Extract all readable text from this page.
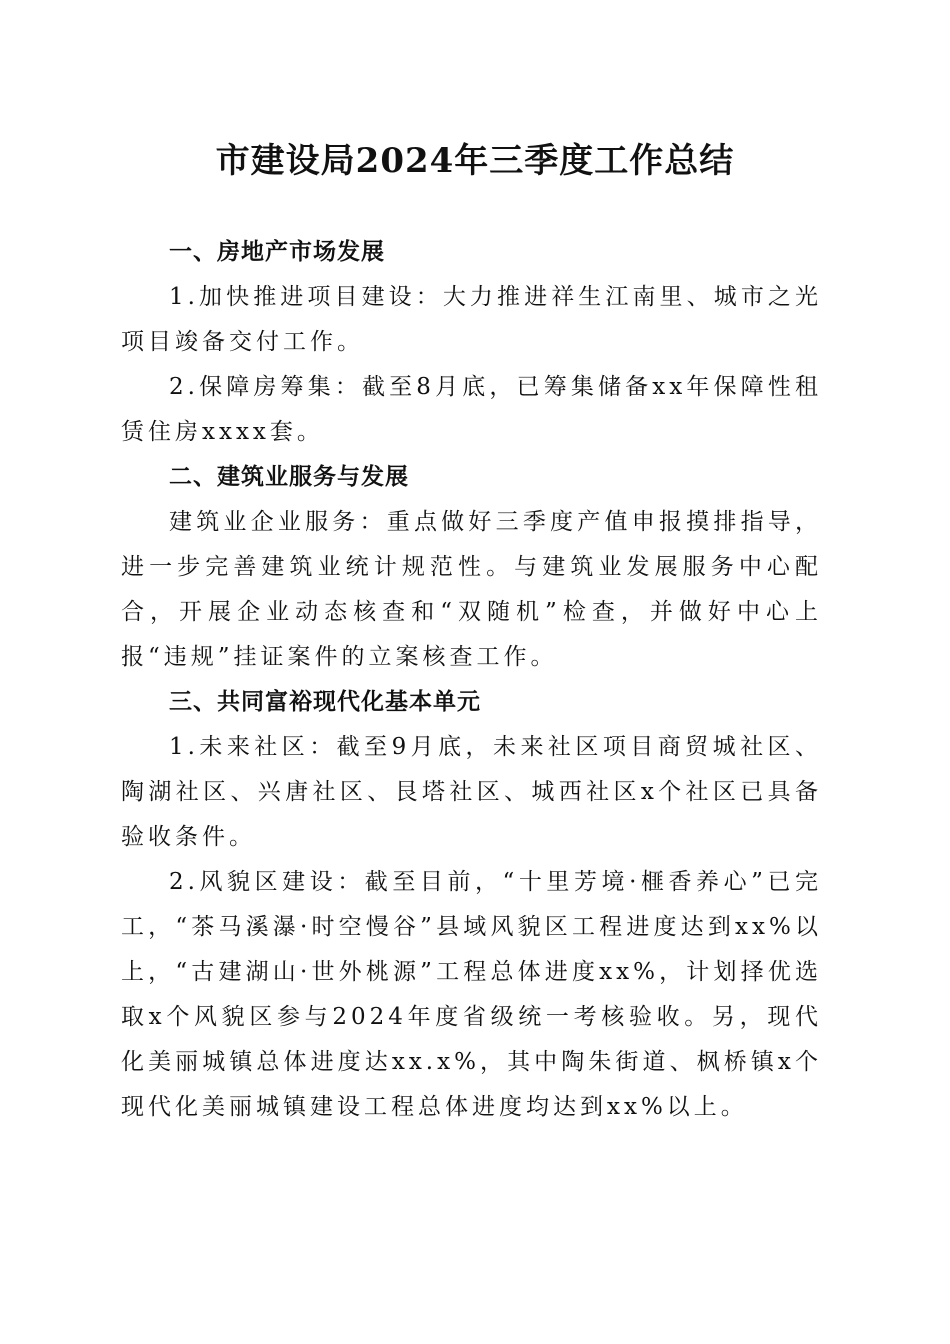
市建设局2024年三季度工作总结
一、房地产市场发展

1.加快推进项目建设：大力推进祥生江南里、城市之光项目竣备交付工作。

2.保障房筹集：截至8月底，已筹集储备xx年保障性租赁住房xxxx套。

二、建筑业服务与发展

建筑业企业服务：重点做好三季度产值申报摸排指导，进一步完善建筑业统计规范性。与建筑业发展服务中心配合，开展企业动态核查和“双随机”检查，并做好中心上报“违规”挂证案件的立案核查工作。

三、共同富裕现代化基本单元

1.未来社区：截至9月底，未来社区项目商贸城社区、陶湖社区、兴唐社区、艮塔社区、城西社区x个社区已具备验收条件。

2.风貌区建设：截至目前，“十里芳境·榧香养心”已完工，“茶马溪瀑·时空慢谷”县域风貌区工程进度达到xx%以上，“古建湖山·世外桃源”工程总体进度xx%，计划择优选取x个风貌区参与2024年度省级统一考核验收。另，现代化美丽城镇总体进度达xx.x%，其中陶朱街道、枫桥镇x个现代化美丽城镇建设工程总体进度均达到xx%以上。
